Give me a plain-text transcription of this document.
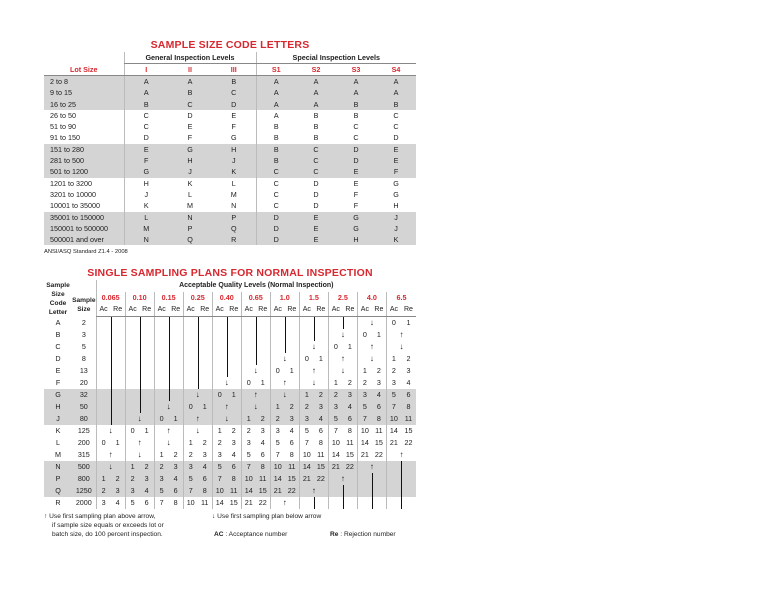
SAMPLE SIZE CODE LETTERS
	General Inspection Levels			Special Inspection Levels			
Lot Size	I	II	III	S1	S2	S3	S4
2 to 8	A	A	B	A	A	A	A
9 to 15	A	B	C	A	A	A	A
16 to 25	B	C	D	A	A	B	B
26 to 50	C	D	E	A	B	B	C
51 to 90	C	E	F	B	B	C	C
91 to 150	D	F	G	B	B	C	D
151 to 280	E	G	H	B	C	D	E
281 to 500	F	H	J	B	C	D	E
501 to 1200	G	J	K	C	C	E	F
1201 to 3200	H	K	L	C	D	E	G
3201 to 10000	J	L	M	C	D	F	G
10001 to 35000	K	M	N	C	D	F	H
35001 to 150000	L	N	P	D	E	G	J
150001 to 500000	M	P	Q	D	E	G	J
500001 and over	N	Q	R	D	E	H	K
ANSI/ASQ Standard Z1.4 - 2008
SINGLE SAMPLING PLANS FOR NORMAL INSPECTION
Sample Size Code Letter		Acceptable Quality Levels (Normal Inspection)																					
	Sample Size	0.065		0.10		0.15		0.25		0.40		0.65		1.0		1.5		2.5		4.0		6.5	
		Ac	Re	Ac	Re	Ac	Re	Ac	Re	Ac	Re	Ac	Re	Ac	Re	Ac	Re	Ac	Re	Ac	Re	Ac	Re
A	2																			↓		0	1
B	3																	↓		0	1	↑	

C	5															↓		0	1	↑		↓	

D	8													↓		0	1	↑		↓		1	2
E	13											↓		0	1	↑		↓		1	2	2	3
F	20									↓		0	1	↑		↓		1	2	2	3	3	4
G	32							↓		0	1	↑		↓		1	2	2	3	3	4	5	6
H	50					↓		0	1	↑		↓		1	2	2	3	3	4	5	6	7	8
J	80			↓		0	1	↑		↓		1	2	2	3	3	4	5	6	7	8	10	11
K	125	↓		0	1	↑		↓		1	2	2	3	3	4	5	6	7	8	10	11	14	15
L	200	0	1	↑		↓		1	2	2	3	3	4	5	6	7	8	10	11	14	15	21	22
M	315	↑		↓		1	2	2	3	3	4	5	6	7	8	10	11	14	15	21	22	↑	

N	500	↓		1	2	2	3	3	4	5	6	7	8	10	11	14	15	21	22	↑			

P	800	1	2	2	3	3	4	5	6	7	8	10	11	14	15	21	22	↑					

Q	1250	2	3	3	4	5	6	7	8	10	11	14	15	21	22	↑							

R	2000	3	4	5	6	7	8	10	11	14	15	21	22	↑									

↑ Use first sampling plan above arrow,
if sample size equals or exceeds lot or
batch size, do 100 percent inspection.
↓ Use first sampling plan below arrow
AC : Acceptance number	Re : Rejection number
